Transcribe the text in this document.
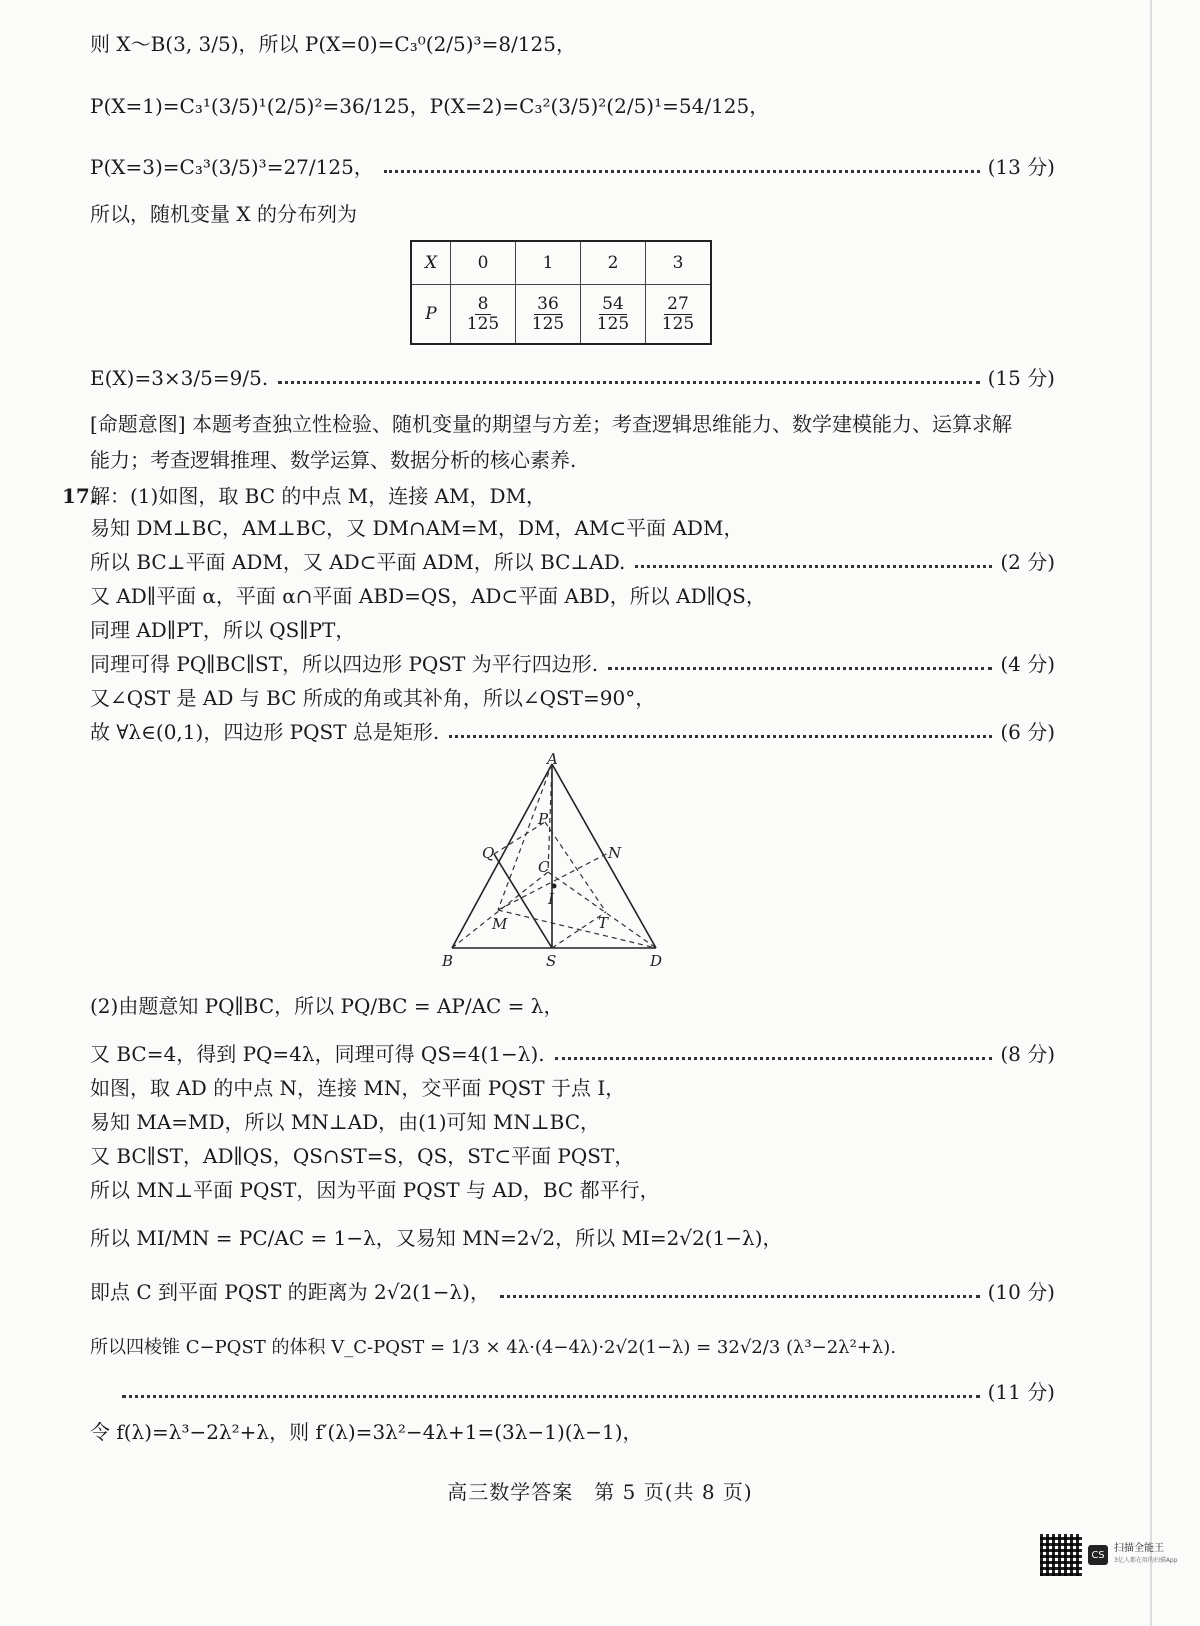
则 X～B(3, 3/5)，所以 P(X=0)=C₃⁰(2/5)³=8/125，
P(X=1)=C₃¹(3/5)¹(2/5)²=36/125，P(X=2)=C₃²(3/5)²(2/5)¹=54/125，
P(X=3)=C₃³(3/5)³=27/125，	(13 分)
所以，随机变量 X 的分布列为
X	0	1	2	3
P	$\frac{8}{125}$	$\frac{36}{125}$	$\frac{54}{125}$	$\frac{27}{125}$
E(X)=3×3/5=9/5.	(15 分)
[命题意图] 本题考查独立性检验、随机变量的期望与方差；考查逻辑思维能力、数学建模能力、运算求解
能力；考查逻辑推理、数学运算、数据分析的核心素养.
17.
解：(1)如图，取 BC 的中点 M，连接 AM，DM，
易知 DM⊥BC，AM⊥BC，又 DM∩AM=M，DM，AM⊂平面 ADM，
所以 BC⊥平面 ADM，又 AD⊂平面 ADM，所以 BC⊥AD.	(2 分)
又 AD∥平面 α，平面 α∩平面 ABD=QS，AD⊂平面 ABD，所以 AD∥QS，
同理 AD∥PT，所以 QS∥PT，
同理可得 PQ∥BC∥ST，所以四边形 PQST 为平行四边形.	(4 分)
又∠QST 是 AD 与 BC 所成的角或其补角，所以∠QST=90°，
故 ∀λ∈(0,1)，四边形 PQST 总是矩形.	(6 分)
A
P
Q	N
C
I
M	T
B	S	D
(2)由题意知 PQ∥BC，所以 PQ/BC = AP/AC = λ，
又 BC=4，得到 PQ=4λ，同理可得 QS=4(1−λ).	(8 分)
如图，取 AD 的中点 N，连接 MN，交平面 PQST 于点 I，
易知 MA=MD，所以 MN⊥AD，由(1)可知 MN⊥BC，
又 BC∥ST，AD∥QS，QS∩ST=S，QS，ST⊂平面 PQST，
所以 MN⊥平面 PQST，因为平面 PQST 与 AD，BC 都平行，
所以 MI/MN = PC/AC = 1−λ，又易知 MN=2√2，所以 MI=2√2(1−λ)，
即点 C 到平面 PQST 的距离为 2√2(1−λ)，	(10 分)
所以四棱锥 C−PQST 的体积 V_C-PQST = 1/3 × 4λ·(4−4λ)·2√2(1−λ) = 32√2/3 (λ³−2λ²+λ).
(11 分)
令 f(λ)=λ³−2λ²+λ，则 f′(λ)=3λ²−4λ+1=(3λ−1)(λ−1)，
高三数学答案　第 5 页(共 8 页)
CS
扫描全能王
3亿人都在用的扫描App
